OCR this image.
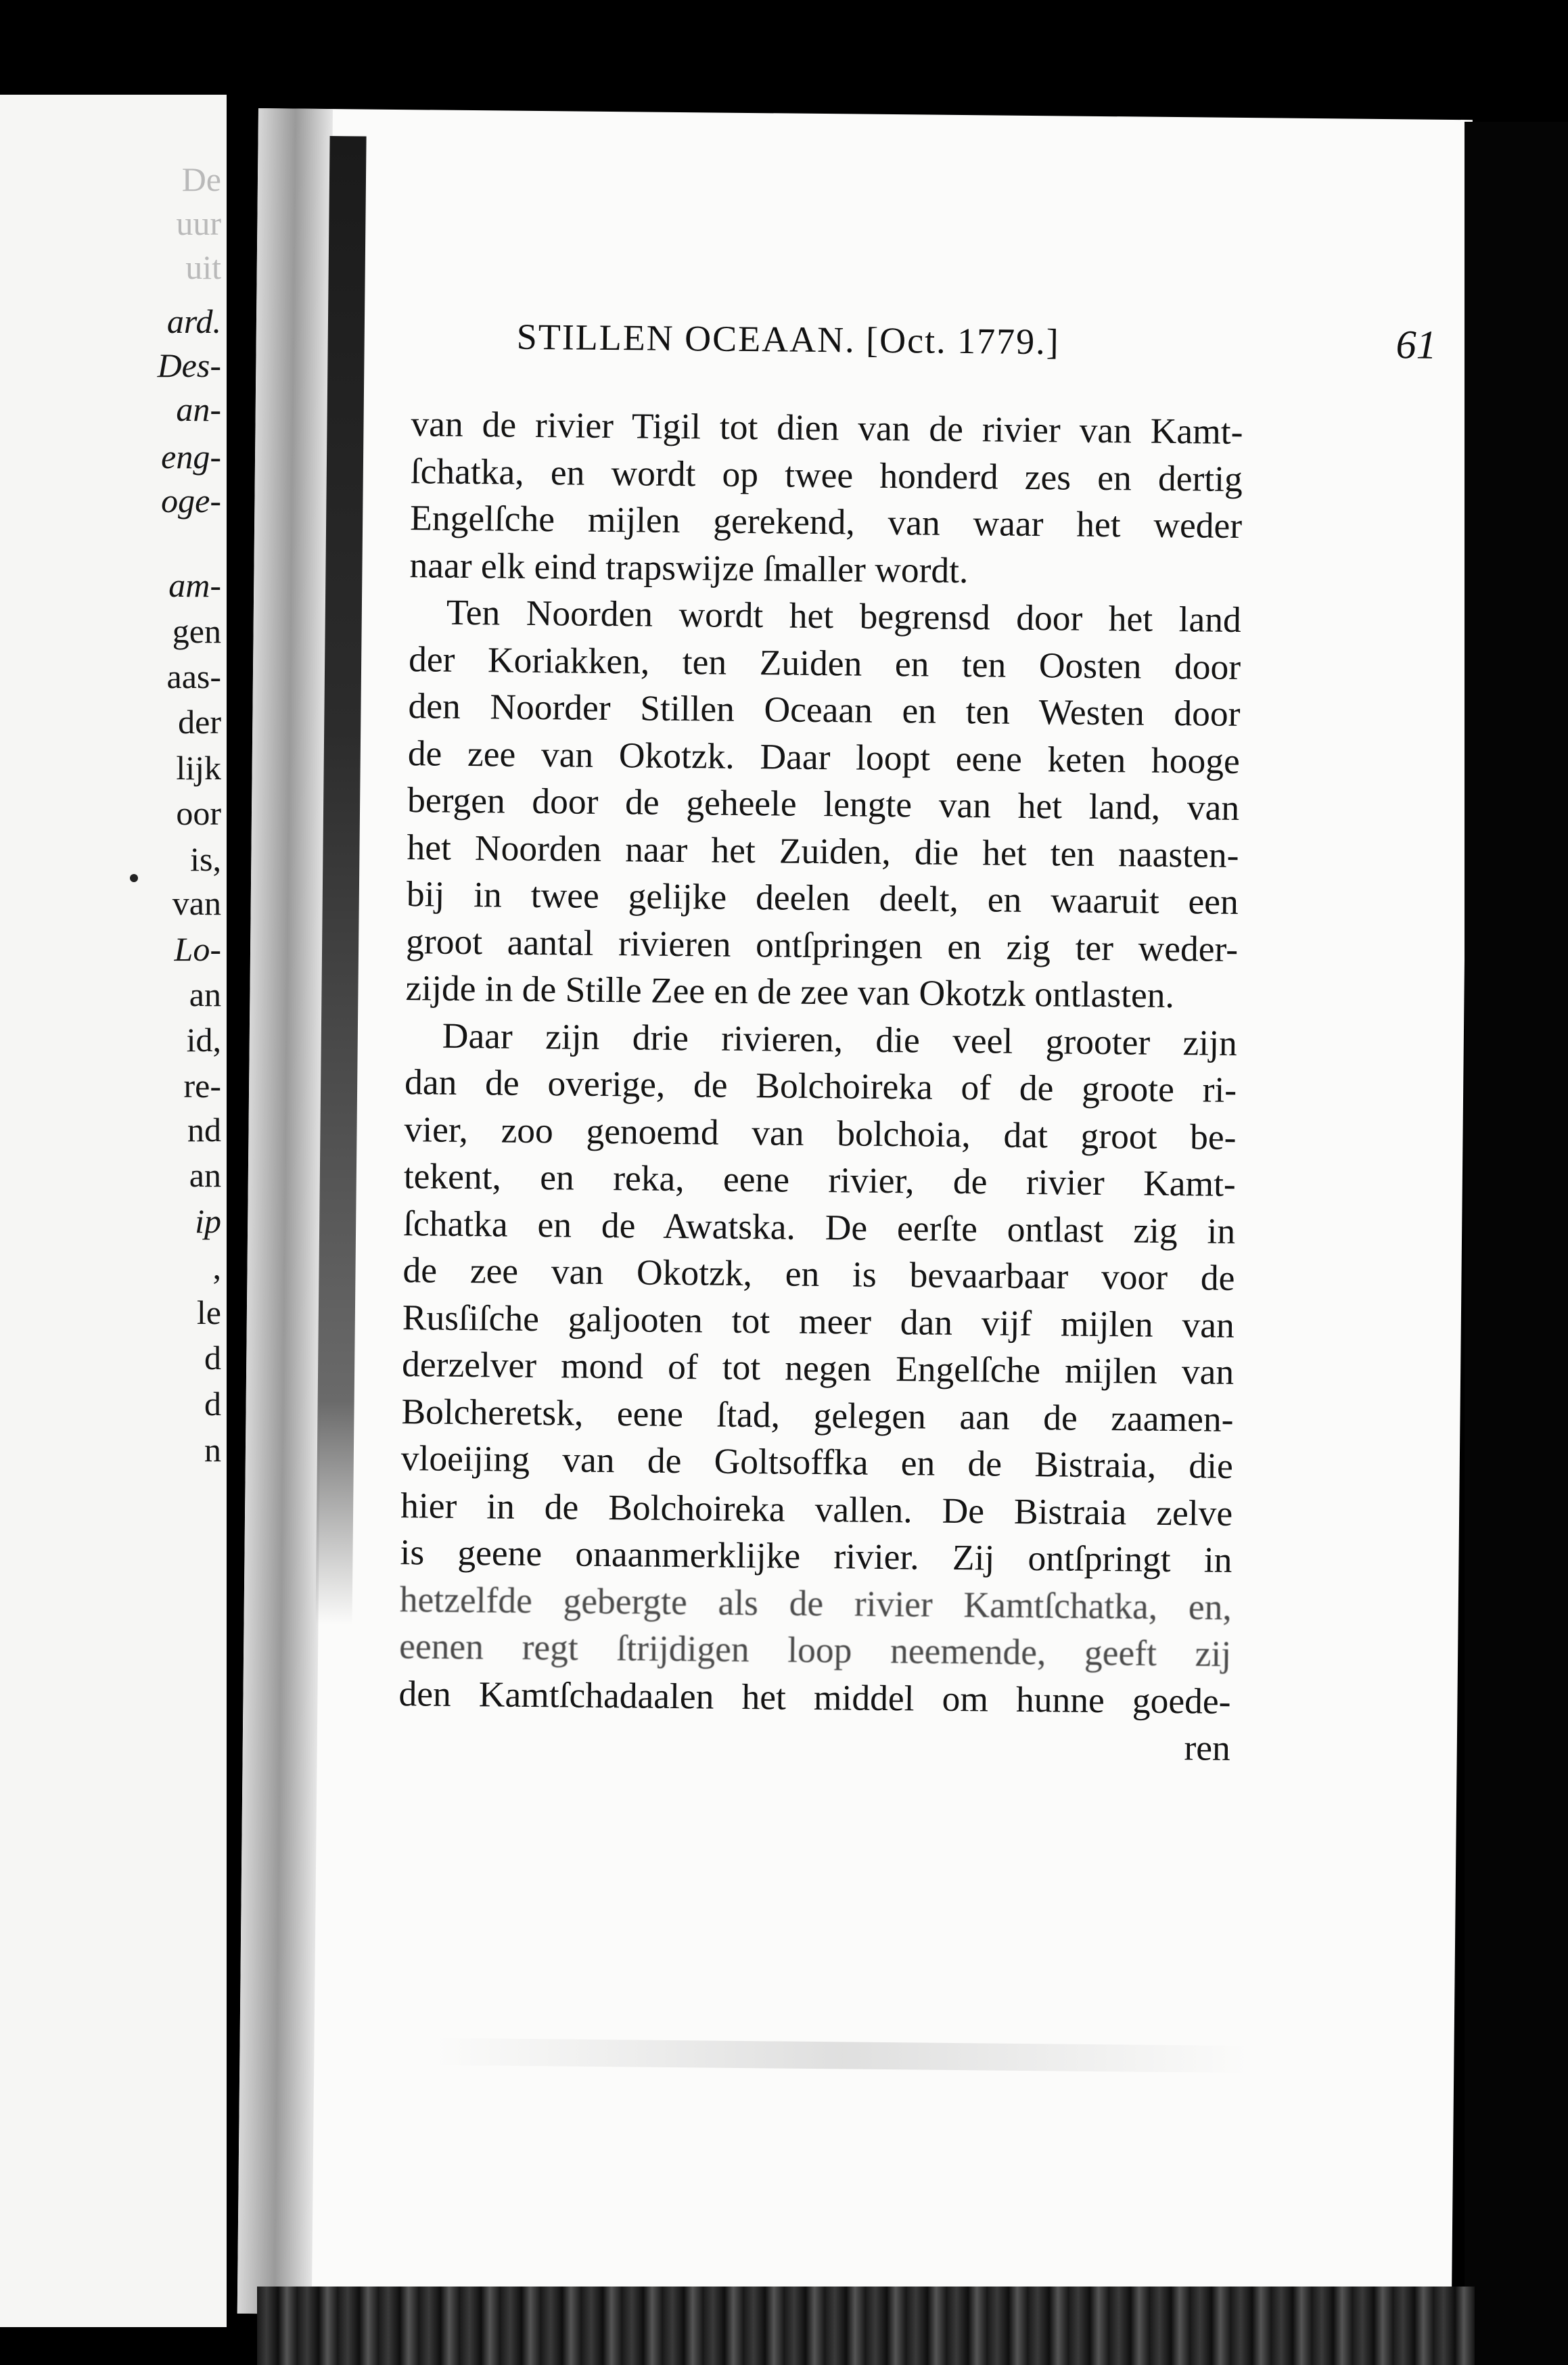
De
uur
uit
ard.
Des-
an-
eng-
oge-
am-
gen
aas-
der
lijk
oor
is,
van
Lo-
an
id,
re-
nd
an
ip
,
le
d
d
n
STILLEN OCEAAN. [Oct. 1779.]	61
van de rivier Tigil tot dien van de rivier van Kamt-
ſchatka, en wordt op twee honderd zes en dertig
Engelſche mijlen gerekend, van waar het weder
naar elk eind trapswijze ſmaller wordt.
Ten Noorden wordt het begrensd door het land
der Koriakken, ten Zuiden en ten Oosten door
den Noorder Stillen Oceaan en ten Westen door
de zee van Okotzk. Daar loopt eene keten hooge
bergen door de geheele lengte van het land, van
het Noorden naar het Zuiden, die het ten naasten-
bij in twee gelijke deelen deelt, en waaruit een
groot aantal rivieren ontſpringen en zig ter weder-
zijde in de Stille Zee en de zee van Okotzk ontlasten.
Daar zijn drie rivieren, die veel grooter zijn
dan de overige, de Bolchoireka of de groote ri-
vier, zoo genoemd van bolchoia, dat groot be-
tekent, en reka, eene rivier, de rivier Kamt-
ſchatka en de Awatska. De eerſte ontlast zig in
de zee van Okotzk, en is bevaarbaar voor de
Rusſiſche galjooten tot meer dan vijf mijlen van
derzelver mond of tot negen Engelſche mijlen van
Bolcheretsk, eene ſtad, gelegen aan de zaamen-
vloeijing van de Goltsoffka en de Bistraia, die
hier in de Bolchoireka vallen. De Bistraia zelve
is geene onaanmerklijke rivier. Zij ontſpringt in
hetzelfde gebergte als de rivier Kamtſchatka, en,
eenen regt ſtrijdigen loop neemende, geeft zij
den Kamtſchadaalen het middel om hunne goede-
ren
